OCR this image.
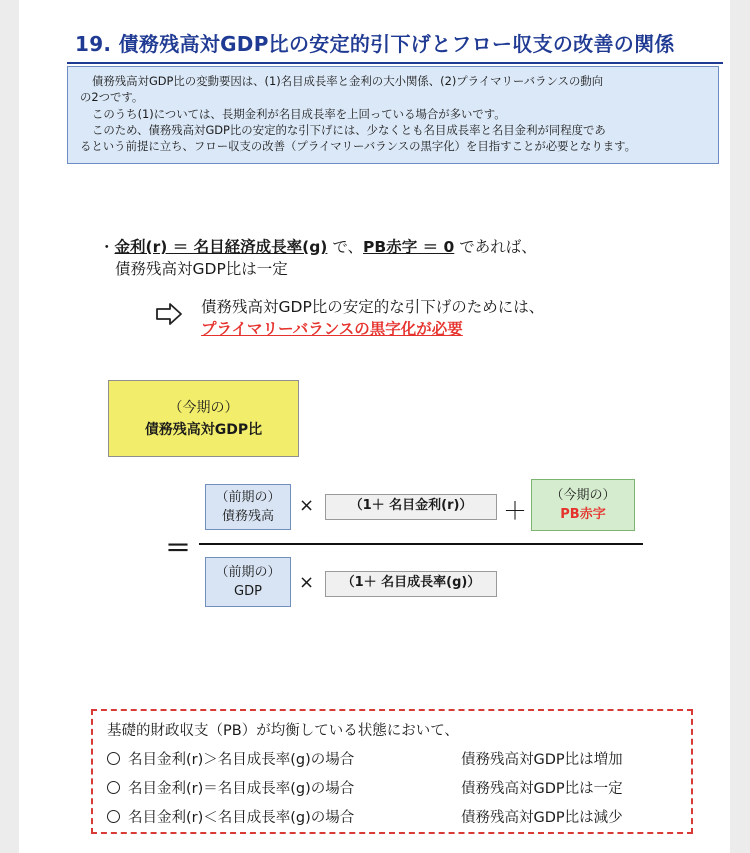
19. 債務残高対GDP比の安定的引下げとフロー収支の改善の関係
債務残高対GDP比の変動要因は、(1)名目成長率と金利の大小関係、(2)プライマリーバランスの動向
の2つです。
このうち(1)については、長期金利が名目成長率を上回っている場合が多いです。
このため、債務残高対GDP比の安定的な引下げには、少なくとも名目成長率と名目金利が同程度であ
るという前提に立ち、フロー収支の改善（プライマリーバランスの黒字化）を目指すことが必要となります。
・金利(r) ＝ 名目経済成長率(g) で、PB赤字 ＝ 0 であれば、
債務残高対GDP比は一定
債務残高対GDP比の安定的な引下げのためには、
プライマリーバランスの黒字化が必要
（今期の）
債務残高対GDP比
＝
（前期の）
債務残高
×	（1＋ 名目金利(r)）	＋
（今期の）
PB赤字
（前期の）
GDP	×	（1＋ 名目成長率(g)）
基礎的財政収支（PB）が均衡している状態において、
名目金利(r)＞名目成長率(g)の場合	債務残高対GDP比は増加
名目金利(r)＝名目成長率(g)の場合	債務残高対GDP比は一定
名目金利(r)＜名目成長率(g)の場合	債務残高対GDP比は減少
